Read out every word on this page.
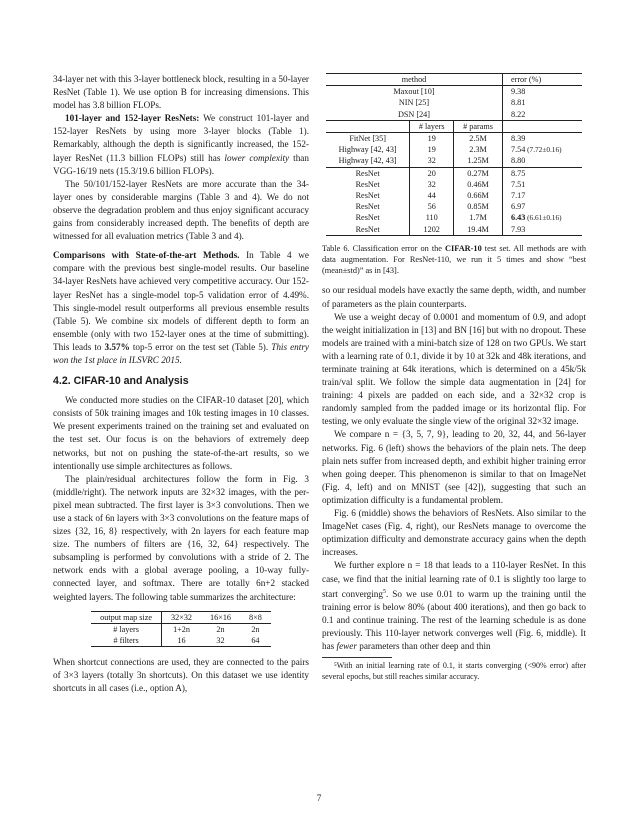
34-layer net with this 3-layer bottleneck block, resulting in a 50-layer ResNet (Table 1). We use option B for increasing dimensions. This model has 3.8 billion FLOPs.

101-layer and 152-layer ResNets: We construct 101-layer and 152-layer ResNets by using more 3-layer blocks (Table 1). Remarkably, although the depth is significantly increased, the 152-layer ResNet (11.3 billion FLOPs) still has lower complexity than VGG-16/19 nets (15.3/19.6 billion FLOPs).

The 50/101/152-layer ResNets are more accurate than the 34-layer ones by considerable margins (Table 3 and 4). We do not observe the degradation problem and thus enjoy significant accuracy gains from considerably increased depth. The benefits of depth are witnessed for all evaluation metrics (Table 3 and 4).

Comparisons with State-of-the-art Methods. In Table 4 we compare with the previous best single-model results. Our baseline 34-layer ResNets have achieved very competitive accuracy. Our 152-layer ResNet has a single-model top-5 validation error of 4.49%. This single-model result outperforms all previous ensemble results (Table 5). We combine six models of different depth to form an ensemble (only with two 152-layer ones at the time of submitting). This leads to 3.57% top-5 error on the test set (Table 5). This entry won the 1st place in ILSVRC 2015.

4.2. CIFAR-10 and Analysis

We conducted more studies on the CIFAR-10 dataset [20], which consists of 50k training images and 10k testing images in 10 classes. We present experiments trained on the training set and evaluated on the test set. Our focus is on the behaviors of extremely deep networks, but not on pushing the state-of-the-art results, so we intentionally use simple architectures as follows.

The plain/residual architectures follow the form in Fig. 3 (middle/right). The network inputs are 32×32 images, with the per-pixel mean subtracted. The first layer is 3×3 convolutions. Then we use a stack of 6n layers with 3×3 convolutions on the feature maps of sizes {32, 16, 8} respectively, with 2n layers for each feature map size. The numbers of filters are {16, 32, 64} respectively. The subsampling is performed by convolutions with a stride of 2. The network ends with a global average pooling, a 10-way fully-connected layer, and softmax. There are totally 6n+2 stacked weighted layers. The following table summarizes the architecture:

output map size	32×32	16×16	8×8
# layers	1+2n	2n	2n
# filters	16	32	64

When shortcut connections are used, they are connected to the pairs of 3×3 layers (totally 3n shortcuts). On this dataset we use identity shortcuts in all cases (i.e., option A),

method			error (%)
Maxout [10]			9.38
NIN [25]			8.81
DSN [24]			8.22
	# layers	# params	
FitNet [35]	19	2.5M	8.39
Highway [42, 43]	19	2.3M	7.54 (7.72±0.16)
Highway [42, 43]	32	1.25M	8.80
ResNet	20	0.27M	8.75
ResNet	32	0.46M	7.51
ResNet	44	0.66M	7.17
ResNet	56	0.85M	6.97
ResNet	110	1.7M	6.43 (6.61±0.16)
ResNet	1202	19.4M	7.93
Table 6. Classification error on the CIFAR-10 test set. All methods are with data augmentation. For ResNet-110, we run it 5 times and show “best (mean±std)” as in [43].

so our residual models have exactly the same depth, width, and number of parameters as the plain counterparts.

We use a weight decay of 0.0001 and momentum of 0.9, and adopt the weight initialization in [13] and BN [16] but with no dropout. These models are trained with a mini-batch size of 128 on two GPUs. We start with a learning rate of 0.1, divide it by 10 at 32k and 48k iterations, and terminate training at 64k iterations, which is determined on a 45k/5k train/val split. We follow the simple data augmentation in [24] for training: 4 pixels are padded on each side, and a 32×32 crop is randomly sampled from the padded image or its horizontal flip. For testing, we only evaluate the single view of the original 32×32 image.

We compare n = {3, 5, 7, 9}, leading to 20, 32, 44, and 56-layer networks. Fig. 6 (left) shows the behaviors of the plain nets. The deep plain nets suffer from increased depth, and exhibit higher training error when going deeper. This phenomenon is similar to that on ImageNet (Fig. 4, left) and on MNIST (see [42]), suggesting that such an optimization difficulty is a fundamental problem.

Fig. 6 (middle) shows the behaviors of ResNets. Also similar to the ImageNet cases (Fig. 4, right), our ResNets manage to overcome the optimization difficulty and demonstrate accuracy gains when the depth increases.

We further explore n = 18 that leads to a 110-layer ResNet. In this case, we find that the initial learning rate of 0.1 is slightly too large to start converging$^5$. So we use 0.01 to warm up the training until the training error is below 80% (about 400 iterations), and then go back to 0.1 and continue training. The rest of the learning schedule is as done previously. This 110-layer network converges well (Fig. 6, middle). It has fewer parameters than other deep and thin

⁵With an initial learning rate of 0.1, it starts converging (<90% error) after several epochs, but still reaches similar accuracy.

7
